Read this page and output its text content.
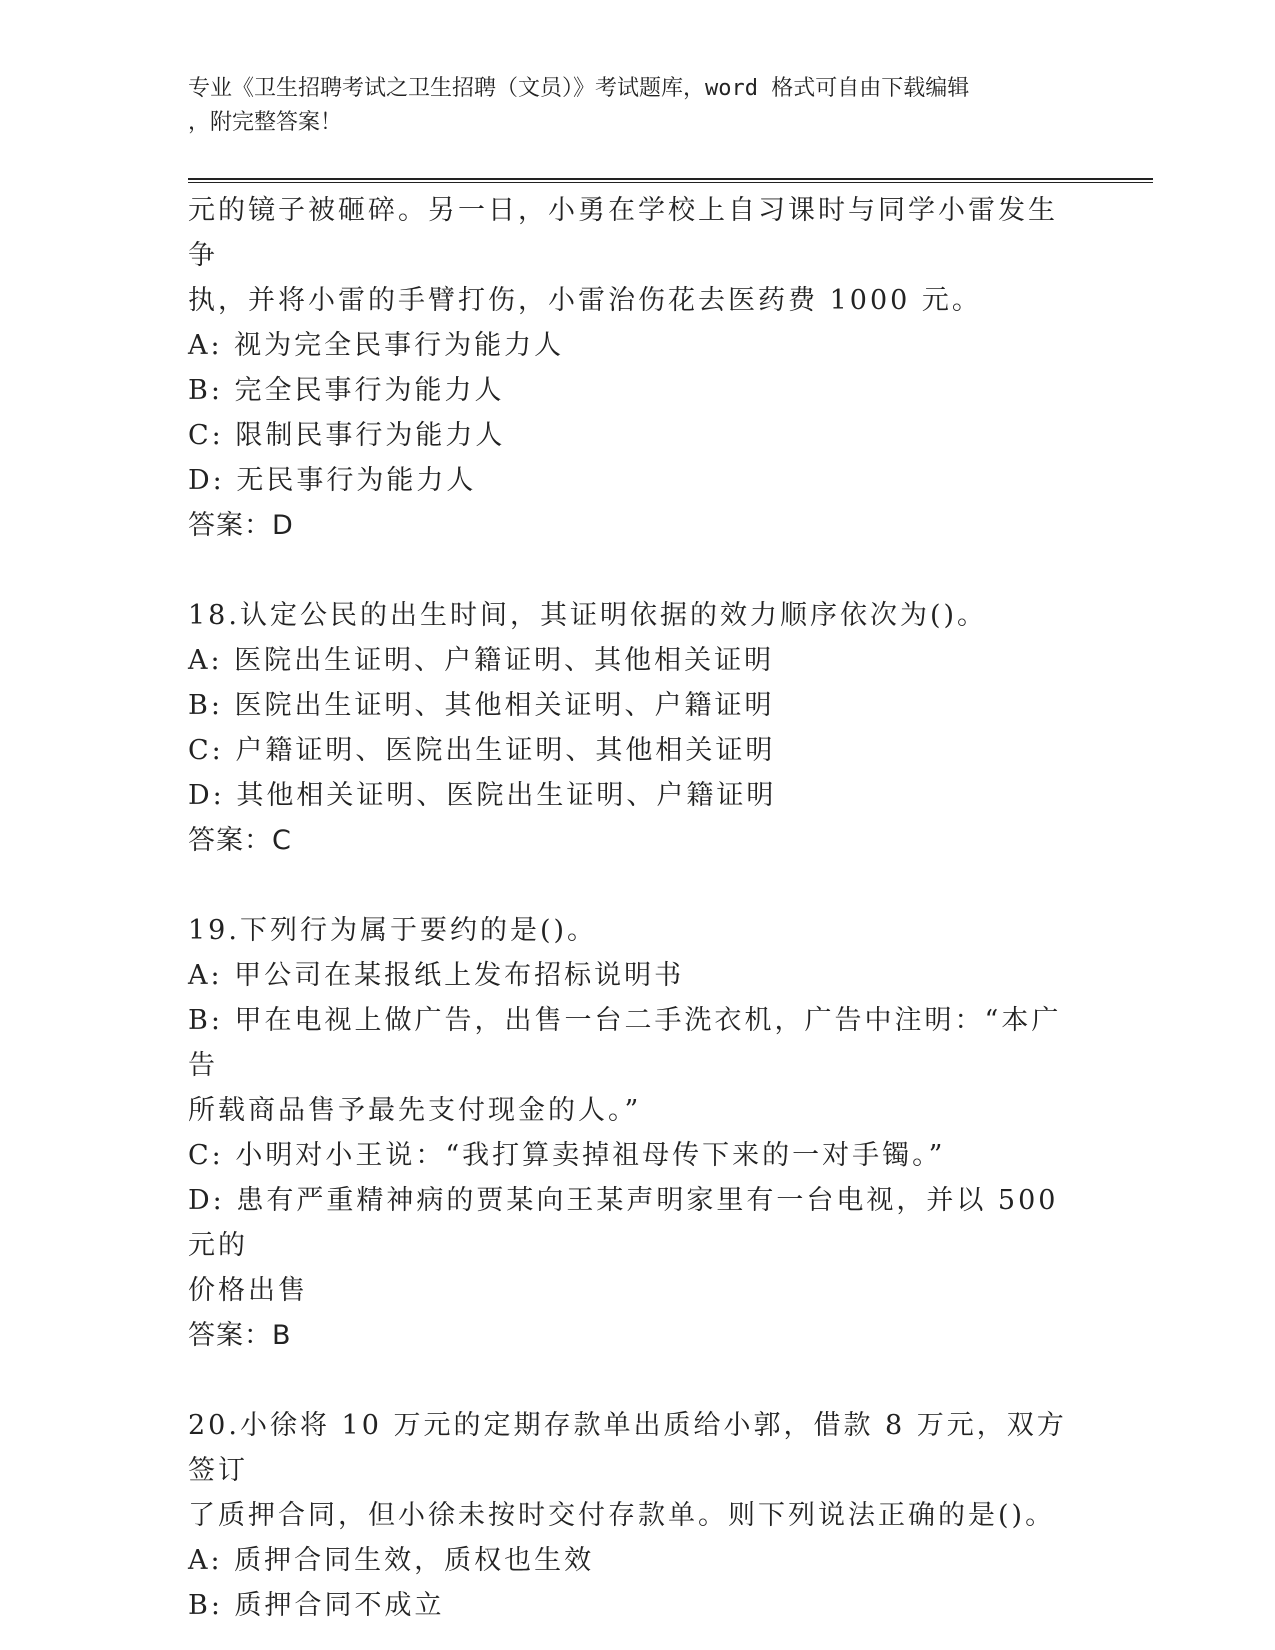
专业《卫生招聘考试之卫生招聘（文员）》考试题库，word 格式可自由下载编辑
，附完整答案！

元的镜子被砸碎。另一日，小勇在学校上自习课时与同学小雷发生争

执，并将小雷的手臂打伤，小雷治伤花去医药费 1000 元。

A: 视为完全民事行为能力人

B: 完全民事行为能力人

C: 限制民事行为能力人

D: 无民事行为能力人

答案：D

18.认定公民的出生时间，其证明依据的效力顺序依次为()。

A: 医院出生证明、户籍证明、其他相关证明

B: 医院出生证明、其他相关证明、户籍证明

C: 户籍证明、医院出生证明、其他相关证明

D: 其他相关证明、医院出生证明、户籍证明

答案：C

19.下列行为属于要约的是()。

A: 甲公司在某报纸上发布招标说明书

B: 甲在电视上做广告，出售一台二手洗衣机，广告中注明：“本广告

所载商品售予最先支付现金的人。”

C: 小明对小王说：“我打算卖掉祖母传下来的一对手镯。”

D: 患有严重精神病的贾某向王某声明家里有一台电视，并以 500 元的

价格出售

答案：B

20.小徐将 10 万元的定期存款单出质给小郭，借款 8 万元，双方签订

了质押合同，但小徐未按时交付存款单。则下列说法正确的是()。

A: 质押合同生效，质权也生效

B: 质押合同不成立
